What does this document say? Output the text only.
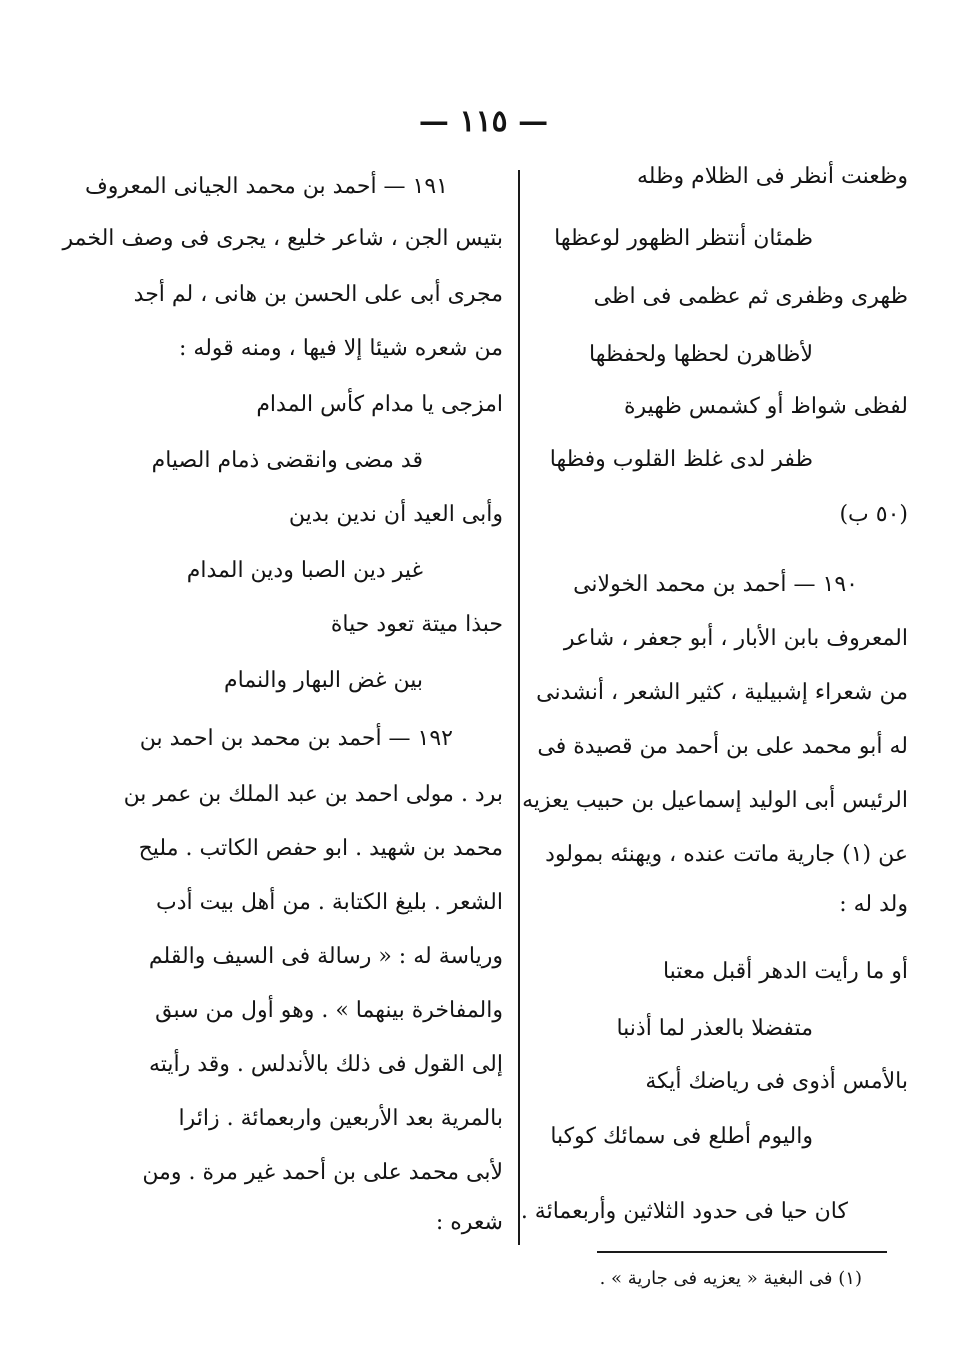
— ١١٥ —
وظعنت أنظر فى الظلام وظله
ظمئان أنتظر الظهور لوعظها
ظهرى وظفرى ثم عظمى فى اظى
لأظاهرن لحظها ولحفظها
لفظى شواظ أو كشمس ظهيرة
ظفر لدى غلظ القلوب وفظها
(٥٠ ب)
١٩٠ — أحمد بن محمد الخولانى
المعروف بابن الأبار ، أبو جعفر ، شاعر
من شعراء إشبيلية ، كثير الشعر ، أنشدنى
له أبو محمد على بن أحمد من قصيدة فى
الرئيس أبى الوليد إسماعيل بن حبيب يعزيه
عن (١) جارية ماتت عنده ، ويهنئه بمولود
ولد له :
أو ما رأيت الدهر أقبل معتبا
متفضلا بالعذر لما أذنبا
بالأمس أذوى فى رياضك أيكة
واليوم أطلع فى سمائك كوكبا
كان حيا فى حدود الثلاثين وأربعمائة .
١٩١ — أحمد بن محمد الجيانى المعروف
بتيس الجن ، شاعر خليع ، يجرى فى وصف الخمر
مجرى أبى على الحسن بن هانى ، لم أجد
من شعره شيئا إلا فيها ، ومنه قوله :
امزجى يا مدام كأس المدام
قد مضى وانقضى ذمام الصيام
وأبى العيد أن ندين بدين
غير دين الصبا ودين المدام
حبذا ميتة تعود حياة
بين غض البهار والنمام
١٩٢ — أحمد بن محمد بن احمد بن
برد . مولى احمد بن عبد الملك بن عمر بن
محمد بن شهيد . ابو حفص الكاتب . مليح
الشعر . بليغ الكتابة . من أهل بيت أدب
ورياسة له : « رسالة فى السيف والقلم
والمفاخرة بينهما » . وهو أول من سبق
إلى القول فى ذلك بالأندلس . وقد رأيته
بالمرية بعد الأربعين واربعمائة . زائرا
لأبى محمد على بن أحمد غير مرة . ومن
شعره :
(١) فى البغية « يعزيه فى جارية » .
